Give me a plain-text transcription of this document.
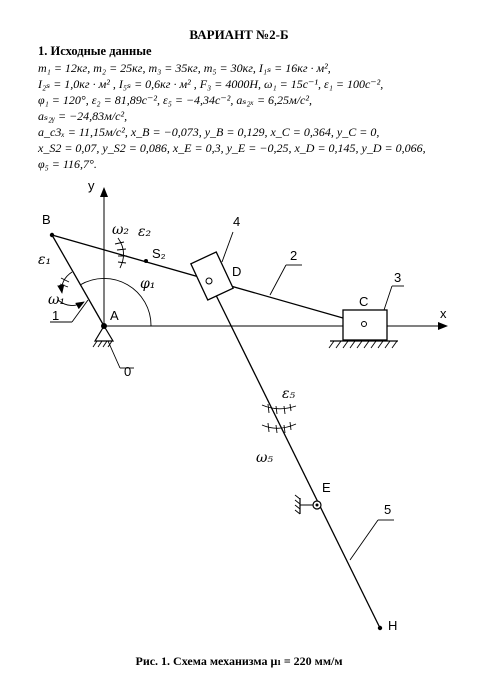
ВАРИАНТ №2-Б
1. Исходные данные
m₁ = 12кг, m₂ = 25кг, m₃ = 35кг, m₅ = 30кг, I₁ₛ = 16кг · м²,
I₂ₛ = 1,0кг · м² , I₅ₛ = 0,6кг · м² , F₃ = 4000Н, ω₁ = 15c⁻¹, ε₁ = 100c⁻²,
φ₁ = 120°, ε₂ = 81,89c⁻², ε₅ = −4,34c⁻², aₛ₂ₓ = 6,25м/c²,
aₛ₂ᵧ = −24,83м/c²,
a_c3ₓ = 11,15м/c², x_B = −0,073, y_B = 0,129, x_C = 0,364, y_C = 0,
x_S2 = 0,07, y_S2 = 0,086, x_E = 0,3, y_E = −0,25, x_D = 0,145, y_D = 0,066,
φ₅ = 116,7°.
y
x
B
A
D
C
E
H
S₂
0
1
2
3
4
5
ω₂ ε₂
ε₁
ω₁
φ₁
ε₅
ω₅
Рис. 1. Схема механизма μₗ = 220 мм/м
